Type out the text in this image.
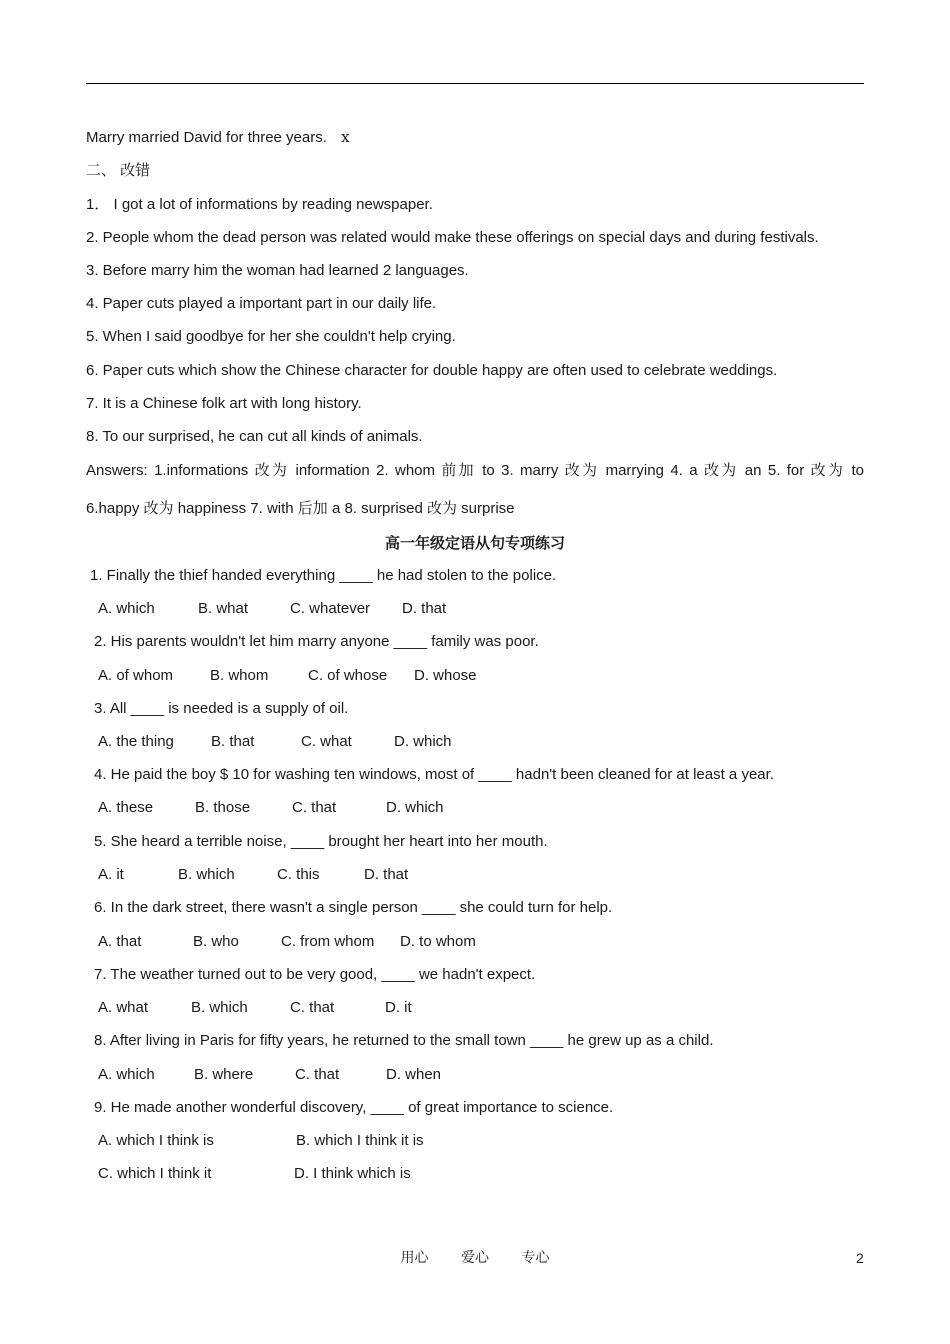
Marry married David for three years. x
二、 改错
1． I got a lot of informations by reading newspaper.
2. People whom the dead person was related would make these offerings on special days and during festivals.
3. Before marry him the woman had learned 2 languages.
4. Paper cuts played a important part in our daily life.
5. When I said goodbye for her she couldn't help crying.
6. Paper cuts which show the Chinese character for double happy are often used to celebrate weddings.
7. It is a Chinese folk art with long history.
8. To our surprised, he can cut all kinds of animals.
Answers: 1.informations 改为 information 2. whom 前加 to 3. marry 改为 marrying 4. a 改为 an 5. for 改为 to
6.happy 改为 happiness 7. with 后加 a 8. surprised 改为 surprise
高一年级定语从句专项练习
1. Finally the thief handed everything ____ he had stolen to the police.
A. which	B. what	C. whatever D. that
2. His parents wouldn't let him marry anyone ____ family was poor.
A. of whom B. whom	C. of whose D. whose
3. All ____ is needed is a supply of oil.
A. the thing B. that	C. what	D. which
4. He paid the boy $ 10 for washing ten windows, most of ____ hadn't been cleaned for at least a year.
A. these	B. those	C. that	D. which
5. She heard a terrible noise, ____ brought her heart into her mouth.
A. it	B. which	C. this	D. that
6. In the dark street, there wasn't a single person ____ she could turn for help.
A. that	B. who	C. from whom D. to whom
7. The weather turned out to be very good, ____ we hadn't expect.
A. what	B. which	C. that	D. it
8. After living in Paris for fifty years, he returned to the small town ____ he grew up as a child.
A. which	B. where	C. that	D. when
9. He made another wonderful discovery, ____ of great importance to science.
A. which I think is	B. which I think it is
C. which I think it	D. I think which is
用心 爱心 专心	2
